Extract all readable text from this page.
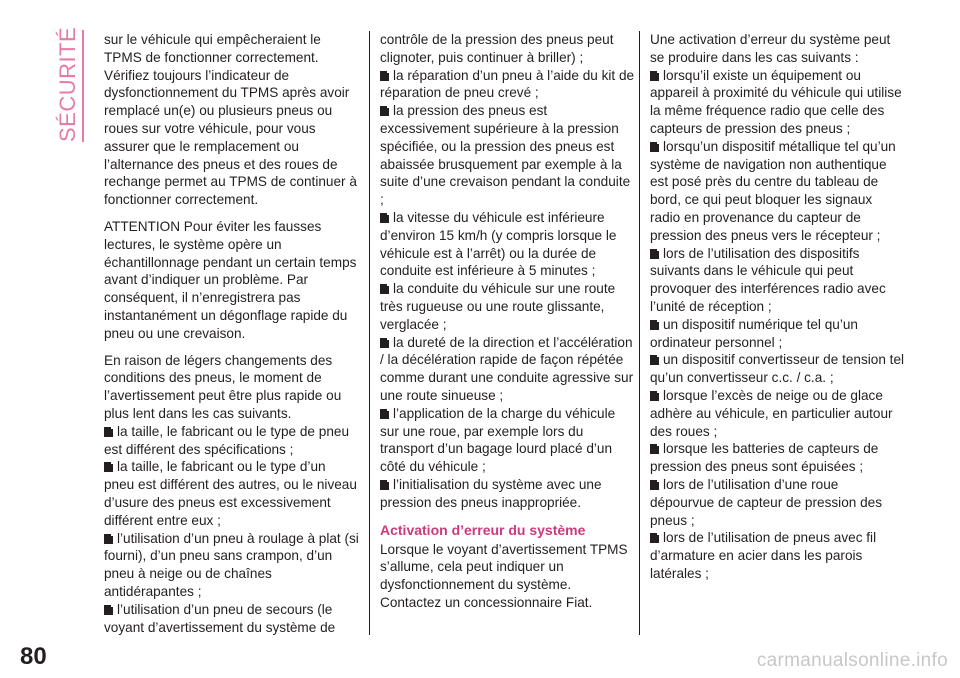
SÉCURITÉ sur le véhicule qui empêcheraient le TPMS de fonctionner correctement. Vérifiez toujours l’indicateur de dysfonctionnement du TPMS après avoir remplacé un(e) ou plusieurs pneus ou roues sur votre véhicule, pour vous assurer que le remplacement ou l’alternance des pneus et des roues de rechange permet au TPMS de continuer à fonctionner correctement.

ATTENTION Pour éviter les fausses lectures, le système opère un échantillonnage pendant un certain temps avant d’indiquer un problème. Par conséquent, il n’enregistrera pas instantanément un dégonflage rapide du pneu ou une crevaison.

En raison de légers changements des conditions des pneus, le moment de l’avertissement peut être plus rapide ou plus lent dans les cas suivants.

la taille, le fabricant ou le type de pneu est différent des spécifications ;
la taille, le fabricant ou le type d’un pneu est différent des autres, ou le niveau d’usure des pneus est excessivement différent entre eux ;
l’utilisation d’un pneu à roulage à plat (si fourni), d’un pneu sans crampon, d’un pneu à neige ou de chaînes antidérapantes ;
l’utilisation d’un pneu de secours (le voyant d’avertissement du système de
contrôle de la pression des pneus peut clignoter, puis continuer à briller) ;
la réparation d’un pneu à l’aide du kit de réparation de pneu crevé ;
la pression des pneus est excessivement supérieure à la pression spécifiée, ou la pression des pneus est abaissée brusquement par exemple à la suite d’une crevaison pendant la conduite ;
la vitesse du véhicule est inférieure d’environ 15 km/h (y compris lorsque le véhicule est à l’arrêt) ou la durée de conduite est inférieure à 5 minutes ;
la conduite du véhicule sur une route très rugueuse ou une route glissante, verglacée ;
la dureté de la direction et l’accélération / la décélération rapide de façon répétée comme durant une conduite agressive sur une route sinueuse ;
l’application de la charge du véhicule sur une roue, par exemple lors du transport d’un bagage lourd placé d’un côté du véhicule ;
l’initialisation du système avec une pression des pneus inappropriée.
Activation d’erreur du système

Lorsque le voyant d’avertissement TPMS s’allume, cela peut indiquer un dysfonctionnement du système. Contactez un concessionnaire Fiat.

Une activation d’erreur du système peut se produire dans les cas suivants :
lorsqu’il existe un équipement ou appareil à proximité du véhicule qui utilise la même fréquence radio que celle des capteurs de pression des pneus ;
lorsqu’un dispositif métallique tel qu’un système de navigation non authentique est posé près du centre du tableau de bord, ce qui peut bloquer les signaux radio en provenance du capteur de pression des pneus vers le récepteur ;
lors de l’utilisation des dispositifs suivants dans le véhicule qui peut provoquer des interférences radio avec l’unité de réception ;
un dispositif numérique tel qu’un ordinateur personnel ;
un dispositif convertisseur de tension tel qu’un convertisseur c.c. / c.a. ;
lorsque l’excès de neige ou de glace adhère au véhicule, en particulier autour des roues ;
lorsque les batteries de capteurs de pression des pneus sont épuisées ;
lors de l’utilisation d’une roue dépourvue de capteur de pression des pneus ;
lors de l’utilisation de pneus avec fil d’armature en acier dans les parois latérales ;
80	carmanualsonline.info
